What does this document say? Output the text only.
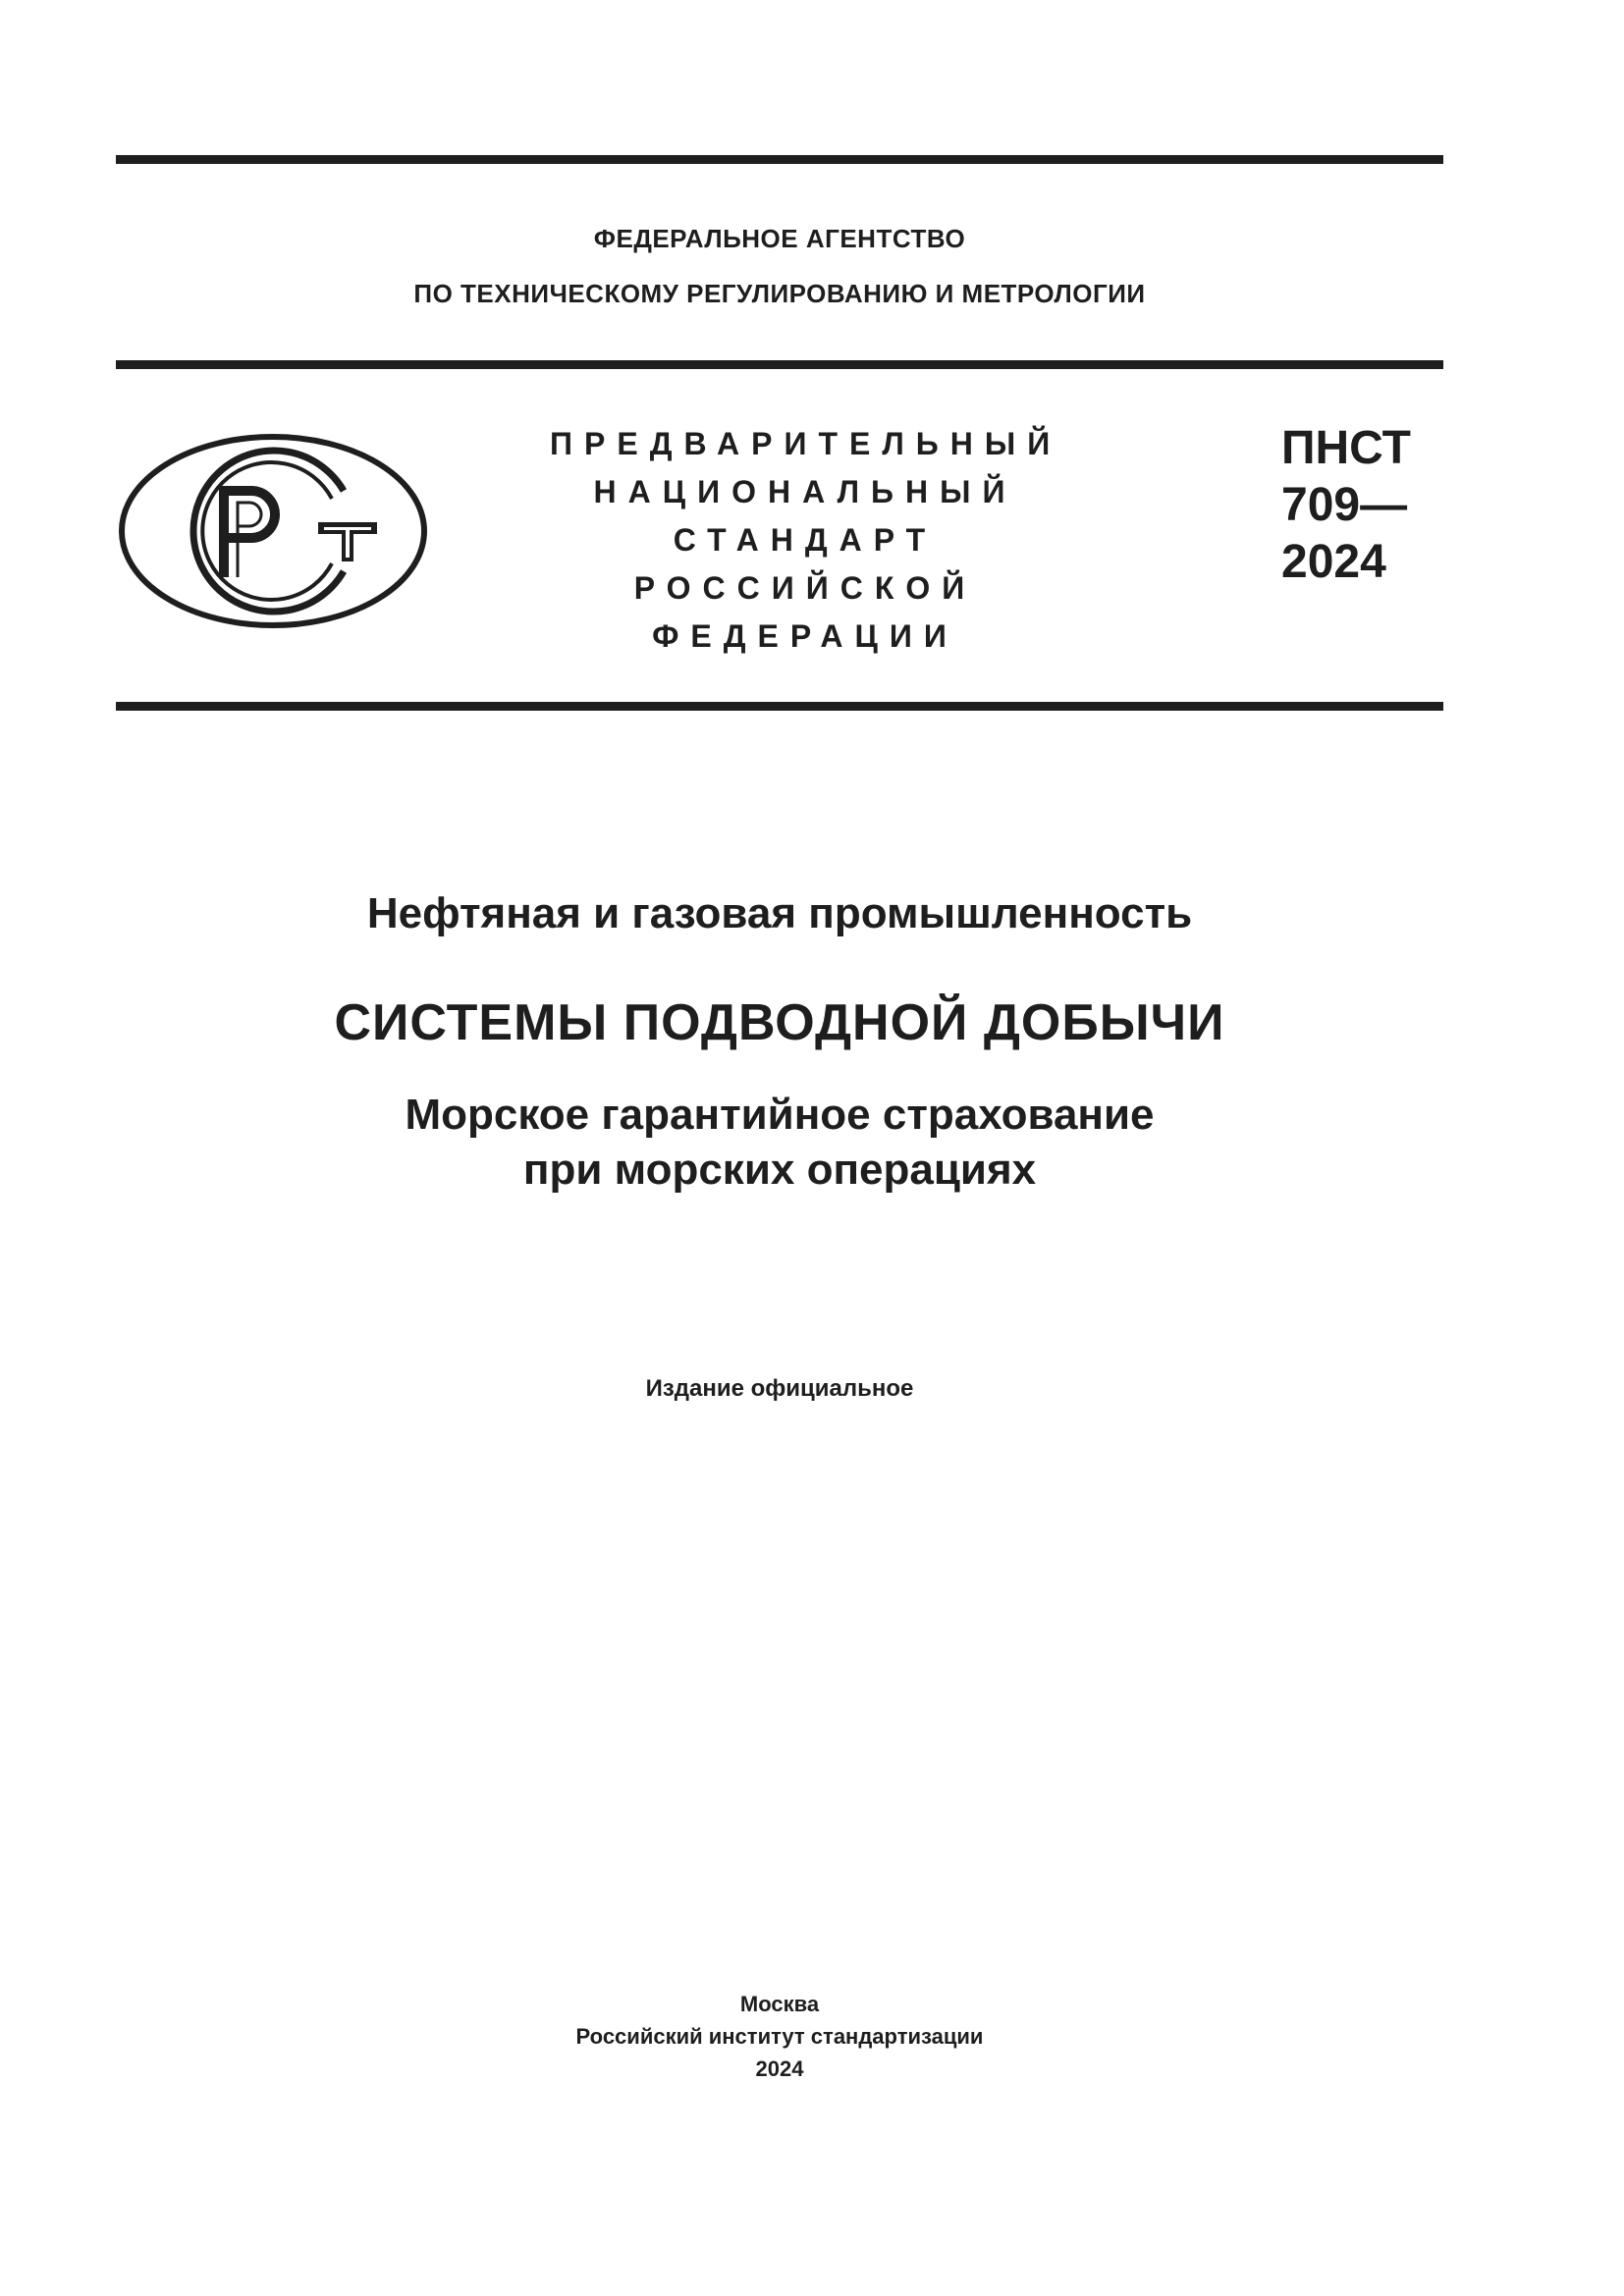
ФЕДЕРАЛЬНОЕ АГЕНТСТВО
ПО ТЕХНИЧЕСКОМУ РЕГУЛИРОВАНИЮ И МЕТРОЛОГИИ
ПРЕДВАРИТЕЛЬНЫЙ
НАЦИОНАЛЬНЫЙ
СТАНДАРТ
РОССИЙСКОЙ
ФЕДЕРАЦИИ
ПНСТ
709—
2024
Нефтяная и газовая промышленность
СИСТЕМЫ ПОДВОДНОЙ ДОБЫЧИ
Морское гарантийное страхование
при морских операциях
Издание официальное
Москва
Российский институт стандартизации
2024
